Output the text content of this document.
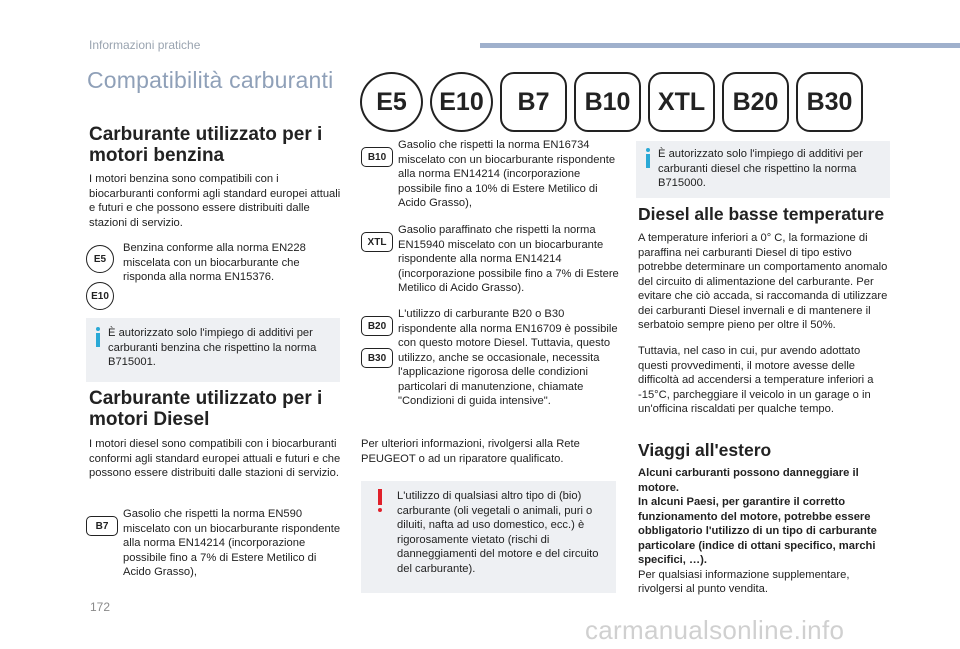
Informazioni pratiche
Compatibilità carburanti
E5	E10	B7	B10	XTL	B20	B30
Carburante utilizzato per i motori benzina
I motori benzina sono compatibili con i biocarburanti conformi agli standard europei attuali e futuri e che possono essere distribuiti dalle stazioni di servizio.
E5
E10
Benzina conforme alla norma EN228 miscelata con un biocarburante che risponda alla norma EN15376.
È autorizzato solo l'impiego di additivi per carburanti benzina che rispettino la norma B715001.
Carburante utilizzato per i motori Diesel
I motori diesel sono compatibili con i biocarburanti conformi agli standard europei attuali e futuri e che possono essere distribuiti dalle stazioni di servizio.
B7
Gasolio che rispetti la norma EN590 miscelato con un biocarburante rispondente alla norma EN14214 (incorporazione possibile fino a 7% di Estere Metilico di Acido Grasso),
B10
Gasolio che rispetti la norma EN16734 miscelato con un biocarburante rispondente alla norma EN14214 (incorporazione possibile fino a 10% di Estere Metilico di Acido Grasso),
XTL
Gasolio paraffinato che rispetti la norma EN15940 miscelato con un biocarburante rispondente alla norma EN14214 (incorporazione possibile fino a 7% di Estere Metilico di Acido Grasso).
B20
B30
L'utilizzo di carburante B20 o B30 rispondente alla norma EN16709 è possibile con questo motore Diesel. Tuttavia, questo utilizzo, anche se occasionale, necessita l'applicazione rigorosa delle condizioni particolari di manutenzione, chiamate "Condizioni di guida intensive".
Per ulteriori informazioni, rivolgersi alla Rete PEUGEOT o ad un riparatore qualificato.
L'utilizzo di qualsiasi altro tipo di (bio) carburante (oli vegetali o animali, puri o diluiti, nafta ad uso domestico, ecc.) è rigorosamente vietato (rischi di danneggiamenti del motore e del circuito del carburante).
È autorizzato solo l'impiego di additivi per carburanti diesel che rispettino la norma B715000.
Diesel alle basse temperature
A temperature inferiori a 0° C, la formazione di paraffina nei carburanti Diesel di tipo estivo potrebbe determinare un comportamento anomalo del circuito di alimentazione del carburante. Per evitare che ciò accada, si raccomanda di utilizzare dei carburanti Diesel invernali e di mantenere il serbatoio sempre pieno per oltre il 50%.
Tuttavia, nel caso in cui, pur avendo adottato questi provvedimenti, il motore avesse delle difficoltà ad accendersi a temperature inferiori a -15°C, parcheggiare il veicolo in un garage o in un'officina riscaldati per qualche tempo.
Viaggi all'estero
Alcuni carburanti possono danneggiare il motore.
In alcuni Paesi, per garantire il corretto funzionamento del motore, potrebbe essere obbligatorio l'utilizzo di un tipo di carburante particolare (indice di ottani specifico, marchi specifici, …).
Per qualsiasi informazione supplementare, rivolgersi al punto vendita.
172
carmanualsonline.info
